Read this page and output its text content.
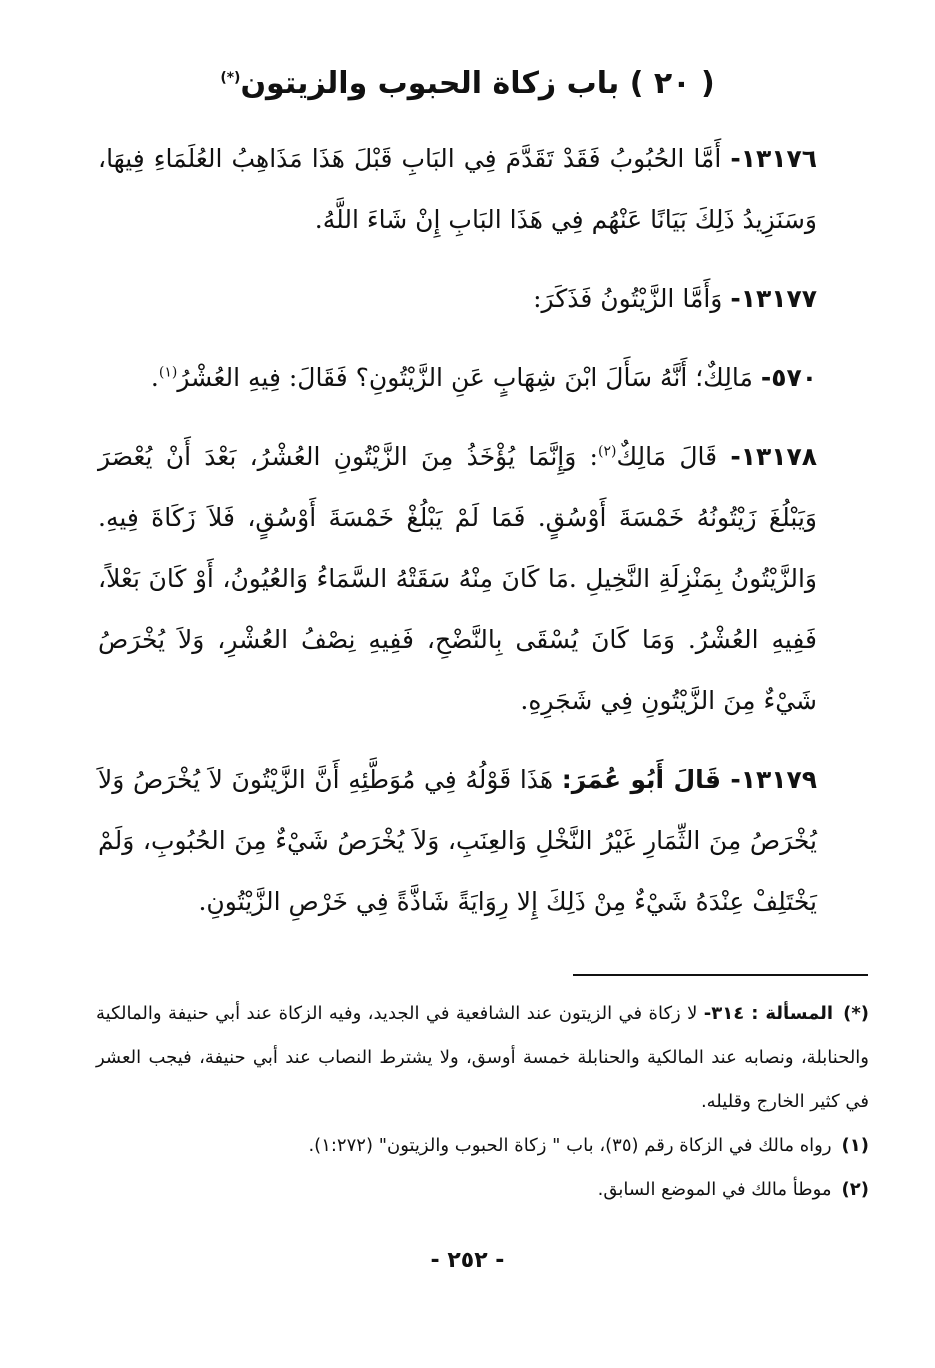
( ٢٠ ) باب زكاة الحبوب والزيتون(*)

١٣١٧٦- أَمَّا الحُبُوبُ فَقَدْ تَقَدَّمَ فِي البَابِ قَبْلَ هَذَا مَذَاهِبُ العُلَمَاءِ فِيهَا، وَسَنَزِيدُ ذَلِكَ بَيَانًا عَنْهُم فِي هَذَا البَابِ إِنْ شَاءَ اللَّهُ.

١٣١٧٧- وَأَمَّا الزَّيْتُونُ فَذَكَرَ:

٥٧٠- مَالِكٌ؛ أَنَّهُ سَأَلَ ابْنَ شِهَابٍ عَنِ الزَّيْتُونِ؟ فَقَالَ: فِيهِ العُشْرُ$^{(١)}$.

١٣١٧٨- قَالَ مَالِكٌ$^{(٢)}$: وَإِنَّمَا يُؤْخَذُ مِنَ الزَّيْتُونِ العُشْرُ، بَعْدَ أَنْ يُعْصَرَ وَيَبْلُغَ زَيْتُونُهُ خَمْسَةَ أَوْسُقٍ. فَمَا لَمْ يَبْلُغْ خَمْسَةَ أَوْسُقٍ، فَلاَ زَكَاةَ فِيهِ. وَالزَّيْتُونُ بِمَنْزِلَةِ النَّخِيلِ .مَا كَانَ مِنْهُ سَقَتْهُ السَّمَاءُ وَالعُيُونُ، أَوْ كَانَ بَعْلاً، فَفِيهِ العُشْرُ. وَمَا كَانَ يُسْقَى بِالنَّضْحِ، فَفِيهِ نِصْفُ العُشْرِ، وَلاَ يُخْرَصُ شَيْءٌ مِنَ الزَّيْتُونِ فِي شَجَرِهِ.

١٣١٧٩- قَالَ أَبُو عُمَرَ: هَذَا قَوْلُهُ فِي مُوَطَّئِهِ أَنَّ الزَّيْتُونَ لاَ يُخْرَصُ وَلاَ يُخْرَصُ مِنَ الثِّمَارِ غَيْرُ النَّخْلِ وَالعِنَبِ، وَلاَ يُخْرَصُ شَيْءٌ مِنَ الحُبُوبِ، وَلَمْ يَخْتَلِفْ عِنْدَهُ شَيْءٌ مِنْ ذَلِكَ إِلا رِوَايَةً شَاذَّةً فِي خَرْصِ الزَّيْتُونِ.

(*)المسألة : ٣١٤- لا زكاة في الزيتون عند الشافعية في الجديد، وفيه الزكاة عند أبي حنيفة والمالكية والحنابلة، ونصابه عند المالكية والحنابلة خمسة أوسق، ولا يشترط النصاب عند أبي حنيفة، فيجب العشر في كثير الخارج وقليله.

(١)رواه مالك في الزكاة رقم (٣٥)، باب " زكاة الحبوب والزيتون" (١:٢٧٢).

(٢)موطأ مالك في الموضع السابق.

- ٢٥٢ -
